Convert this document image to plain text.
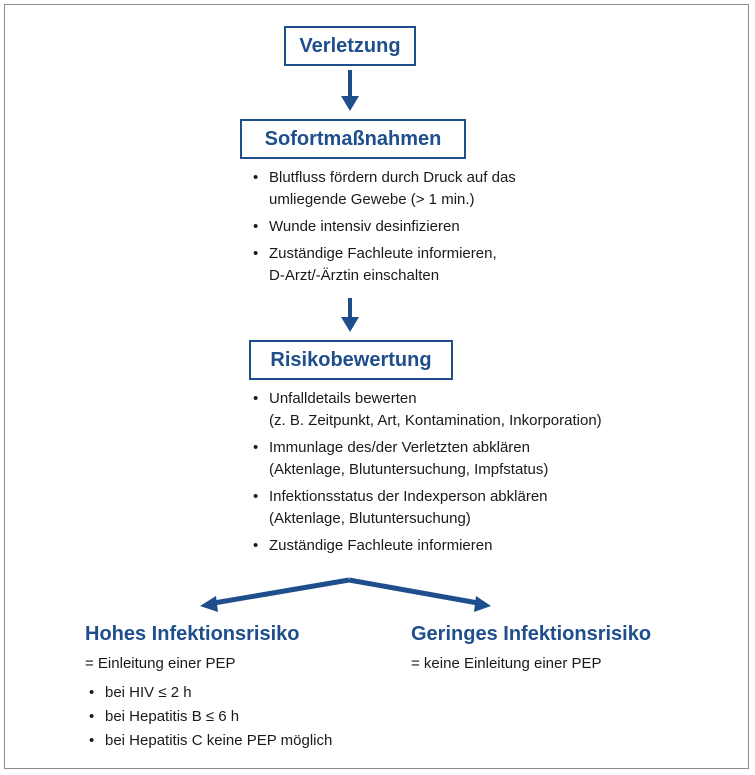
Verletzung
Sofortmaßnahmen
• Blutfluss fördern durch Druck auf das
umliegende Gewebe (> 1 min.)
• Wunde intensiv desinfizieren
• Zuständige Fachleute informieren,
D-Arzt/-Ärztin einschalten
Risikobewertung
• Unfalldetails bewerten
(z. B. Zeitpunkt, Art, Kontamination, Inkorporation)
• Immunlage des/der Verletzten abklären
(Aktenlage, Blutuntersuchung, Impfstatus)
• Infektionsstatus der Indexperson abklären
(Aktenlage, Blutuntersuchung)
• Zuständige Fachleute informieren
Hohes Infektionsrisiko
= Einleitung einer PEP
• bei HIV ≤ 2 h
• bei Hepatitis B ≤ 6 h
• bei Hepatitis C keine PEP möglich
Geringes Infektionsrisiko
= keine Einleitung einer PEP
